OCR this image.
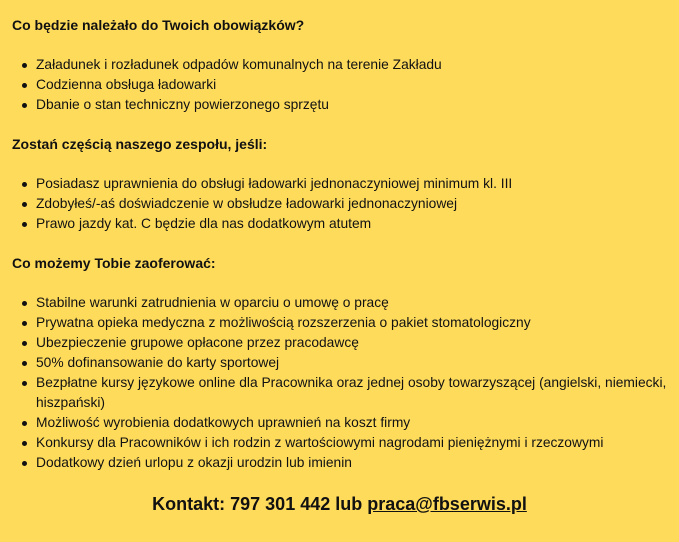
Co będzie należało do Twoich obowiązków?
Załadunek i rozładunek odpadów komunalnych na terenie Zakładu
Codzienna obsługa ładowarki
Dbanie o stan techniczny powierzonego sprzętu
Zostań częścią naszego zespołu, jeśli:
Posiadasz uprawnienia do obsługi ładowarki jednonaczyniowej minimum kl. III
Zdobyłeś/-aś doświadczenie w obsłudze ładowarki jednonaczyniowej
Prawo jazdy kat. C będzie dla nas dodatkowym atutem
Co możemy Tobie zaoferować:
Stabilne warunki zatrudnienia w oparciu o umowę o pracę
Prywatna opieka medyczna z możliwością rozszerzenia o pakiet stomatologiczny
Ubezpieczenie grupowe opłacone przez pracodawcę
50% dofinansowanie do karty sportowej
Bezpłatne kursy językowe online dla Pracownika oraz jednej osoby towarzyszącej (angielski, niemiecki, hiszpański)
Możliwość wyrobienia dodatkowych uprawnień na koszt firmy
Konkursy dla Pracowników i ich rodzin z wartościowymi nagrodami pieniężnymi i rzeczowymi
Dodatkowy dzień urlopu z okazji urodzin lub imienin
Kontakt: 797 301 442 lub praca@fbserwis.pl
